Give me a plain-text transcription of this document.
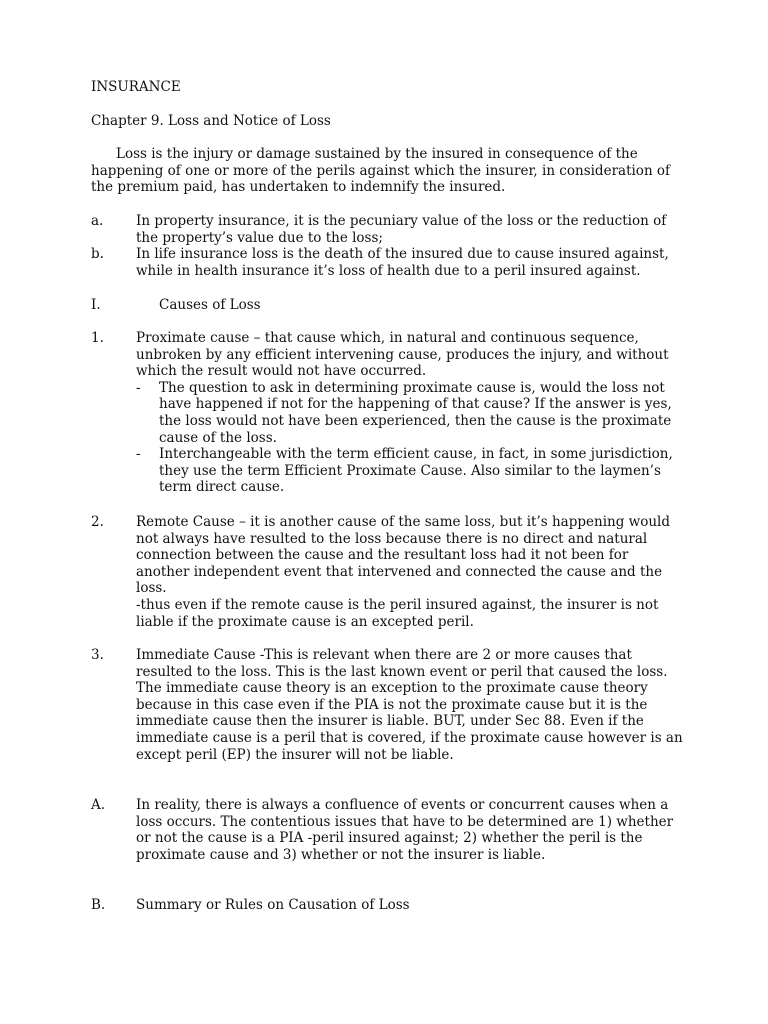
INSURANCE

Chapter 9. Loss and Notice of Loss

Loss is the injury or damage sustained by the insured in consequence of the happening of one or more of the perils against which the insurer, in consideration of the premium paid, has undertaken to indemnify the insured.

a.	In property insurance, it is the pecuniary value of the loss or the reduction of the property’s value due to the loss;
b.	In life insurance loss is the death of the insured due to cause insured against, while in health insurance it’s loss of health due to a peril insured against.
I.	Causes of Loss
1.	Proximate cause – that cause which, in natural and continuous sequence, unbroken by any efficient intervening cause, produces the injury, and without which the result would not have occurred.
-	The question to ask in determining proximate cause is, would the loss not have happened if not for the happening of that cause? If the answer is yes, the loss would not have been experienced, then the cause is the proximate cause of the loss.
-	Interchangeable with the term efficient cause, in fact, in some jurisdiction, they use the term Efficient Proximate Cause. Also similar to the laymen’s term direct cause.
2.	Remote Cause – it is another cause of the same loss, but it’s happening would not always have resulted to the loss because there is no direct and natural connection between the cause and the resultant loss had it not been for another independent event that intervened and connected the cause and the loss.
-thus even if the remote cause is the peril insured against, the insurer is not liable if the proximate cause is an excepted peril.
3.	Immediate Cause -This is relevant when there are 2 or more causes that resulted to the loss. This is the last known event or peril that caused the loss. The immediate cause theory is an exception to the proximate cause theory because in this case even if the PIA is not the proximate cause but it is the immediate cause then the insurer is liable. BUT, under Sec 88. Even if the immediate cause is a peril that is covered, if the proximate cause however is an except peril (EP) the insurer will not be liable.
A.	In reality, there is always a confluence of events or concurrent causes when a loss occurs. The contentious issues that have to be determined are 1) whether or not the cause is a PIA -peril insured against; 2) whether the peril is the proximate cause and 3) whether or not the insurer is liable.
B.	Summary or Rules on Causation of Loss
